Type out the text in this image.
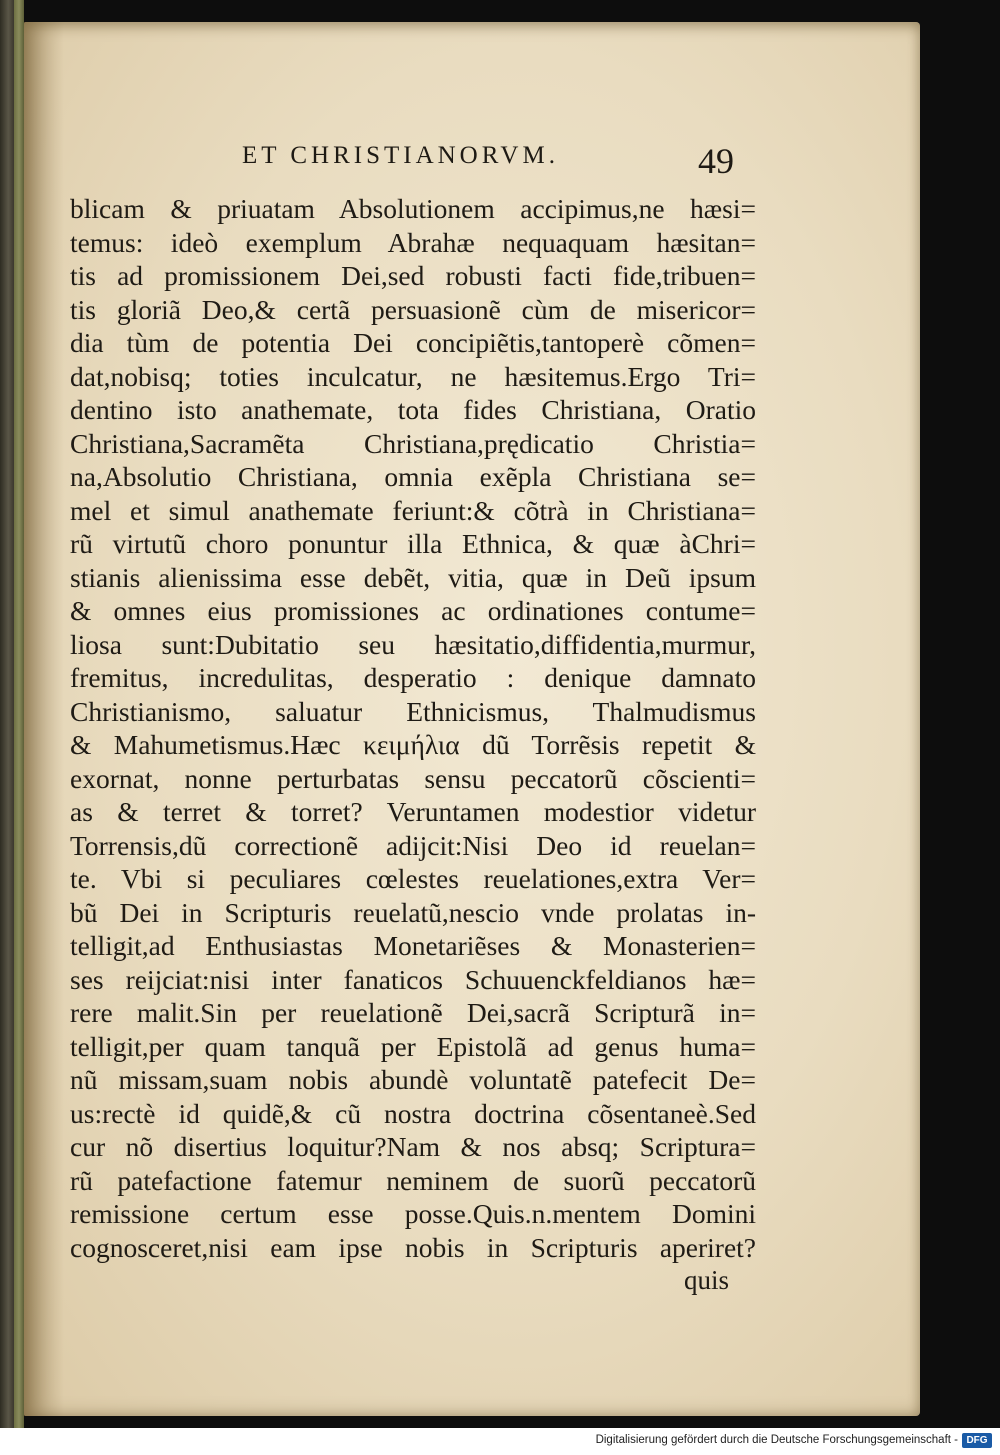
ET CHRISTIANORVM.	49
blicam & priuatam Absolutionem accipimus,ne hæsi=
temus: ideò exemplum Abrahæ nequaquam hæsitan=
tis ad promissionem Dei,sed robusti facti fide,tribuen=
tis gloriã Deo,& certã persuasionẽ cùm de misericor=
dia tùm de potentia Dei concipiẽtis,tantoperè cõmen=
dat,nobisq; toties inculcatur, ne hæsitemus.Ergo Tri=
dentino isto anathemate, tota fides Christiana, Oratio
Christiana,Sacramẽta Christiana,prędicatio Christia=
na,Absolutio Christiana, omnia exẽpla Christiana se=
mel et simul anathemate feriunt:& cõtrà in Christiana=
rũ virtutũ choro ponuntur illa Ethnica, & quæ àChri=
stianis alienissima esse debẽt, vitia, quæ in Deũ ipsum
& omnes eius promissiones ac ordinationes contume=
liosa sunt:Dubitatio seu hæsitatio,diffidentia,murmur,
fremitus, incredulitas, desperatio : denique damnato
Christianismo, saluatur Ethnicismus, Thalmudismus
& Mahumetismus.Hæc κειμήλια dũ Torrẽsis repetit &
exornat, nonne perturbatas sensu peccatorũ cõscienti=
as & terret & torret? Veruntamen modestior videtur
Torrensis,dũ correctionẽ adijcit:Nisi Deo id reuelan=
te. Vbi si peculiares cœlestes reuelationes,extra Ver=
bũ Dei in Scripturis reuelatũ,nescio vnde prolatas in-
telligit,ad Enthusiastas Monetariẽses & Monasterien=
ses reijciat:nisi inter fanaticos Schuuenckfeldianos hæ=
rere malit.Sin per reuelationẽ Dei,sacrã Scripturã in=
telligit,per quam tanquã per Epistolã ad genus huma=
nũ missam,suam nobis abundè voluntatẽ patefecit De=
us:rectè id quidẽ,& cũ nostra doctrina cõsentaneè.Sed
cur nõ disertius loquitur?Nam & nos absq; Scriptura=
rũ patefactione fatemur neminem de suorũ peccatorũ
remissione certum esse posse.Quis.n.mentem Domini
cognosceret,nisi eam ipse nobis in Scripturis aperiret?
quis
Digitalisierung gefördert durch die Deutsche Forschungsgemeinschaft - DFG
